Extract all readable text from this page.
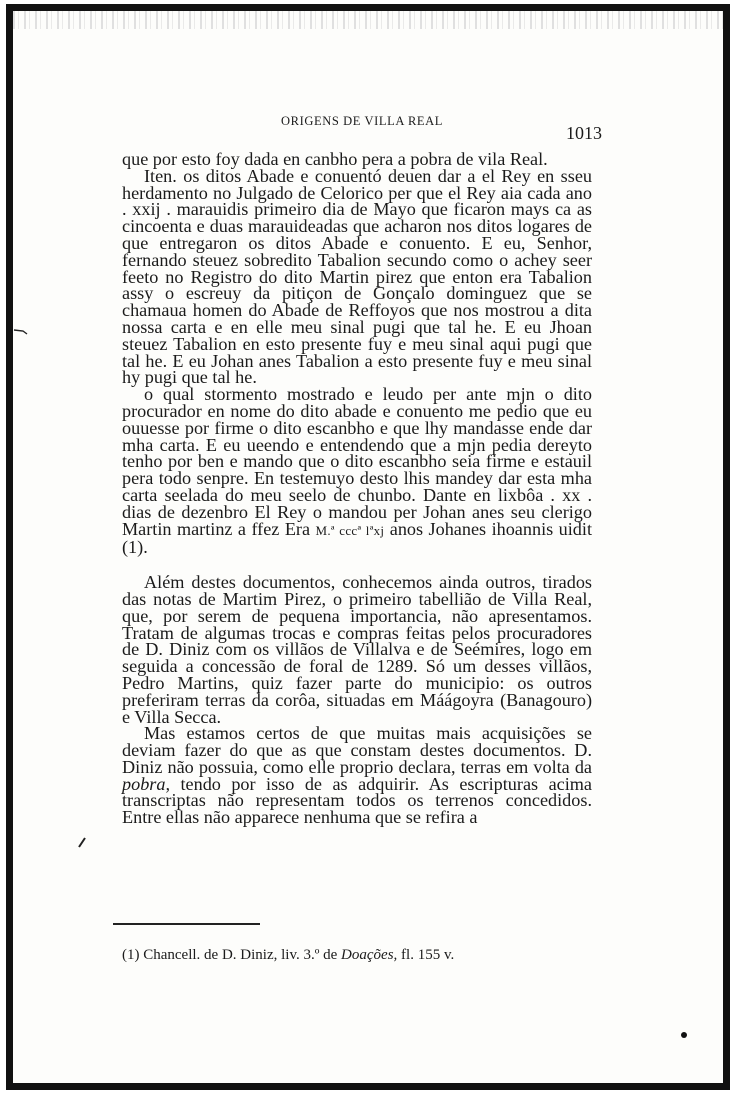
ORIGENS DE VILLA REAL
1013

que por esto foy dada en canbho pera a pobra de vila Real.

Iten. os ditos Abade e conuentó deuen dar a el Rey en sseu herdamento no Julgado de Celorico per que el Rey aia cada ano . xxij . marauidis primeiro dia de Mayo que ficaron mays ca as cincoenta e duas marauideadas que acharon nos ditos logares de que entregaron os ditos Abade e conuento. E eu, Senhor, fernando steuez sobredito Tabalion secundo como o achey seer feeto no Registro do dito Martin pirez que enton era Tabalion assy o escreuy da pitiçon de Gonçalo dominguez que se chamaua homen do Abade de Reffoyos que nos mostrou a dita nossa carta e en elle meu sinal pugi que tal he. E eu Jhoan steuez Tabalion en esto presente fuy e meu sinal aqui pugi que tal he. E eu Johan anes Tabalion a esto presente fuy e meu sinal hy pugi que tal he.

o qual stormento mostrado e leudo per ante mjn o dito procurador en nome do dito abade e conuento me pedio que eu ouuesse por firme o dito escanbho e que lhy mandasse ende dar mha carta. E eu ueendo e entendendo que a mjn pedia dereyto tenho por ben e mando que o dito escanbho seia firme e estauil pera todo senpre. En testemuyo desto lhis mandey dar esta mha carta seelada do meu seelo de chunbo. Dante en lixbôa . xx . dias de dezenbro El Rey o mandou per Johan anes seu clerigo Martin martinz a ffez Era M.ª cccª lªxj anos Johanes ihoannis uidit (1).

Além destes documentos, conhecemos ainda outros, tirados das notas de Martim Pirez, o primeiro tabellião de Villa Real, que, por serem de pequena importancia, não apresentamos. Tratam de algumas trocas e compras feitas pelos procuradores de D. Diniz com os villãos de Villalva e de Seémires, logo em seguida a concessão de foral de 1289. Só um desses villãos, Pedro Martins, quiz fazer parte do municipio: os outros preferiram terras da corôa, situadas em Máágoyra (Banagouro) e Villa Secca.

Mas estamos certos de que muitas mais acquisições se deviam fazer do que as que constam destes documentos. D. Diniz não possuia, como elle proprio declara, terras em volta da pobra, tendo por isso de as adquirir. As escripturas acima transcriptas não representam todos os terrenos concedidos. Entre ellas não apparece nenhuma que se refira a

(1) Chancell. de D. Diniz, liv. 3.º de Doações, fl. 155 v.
